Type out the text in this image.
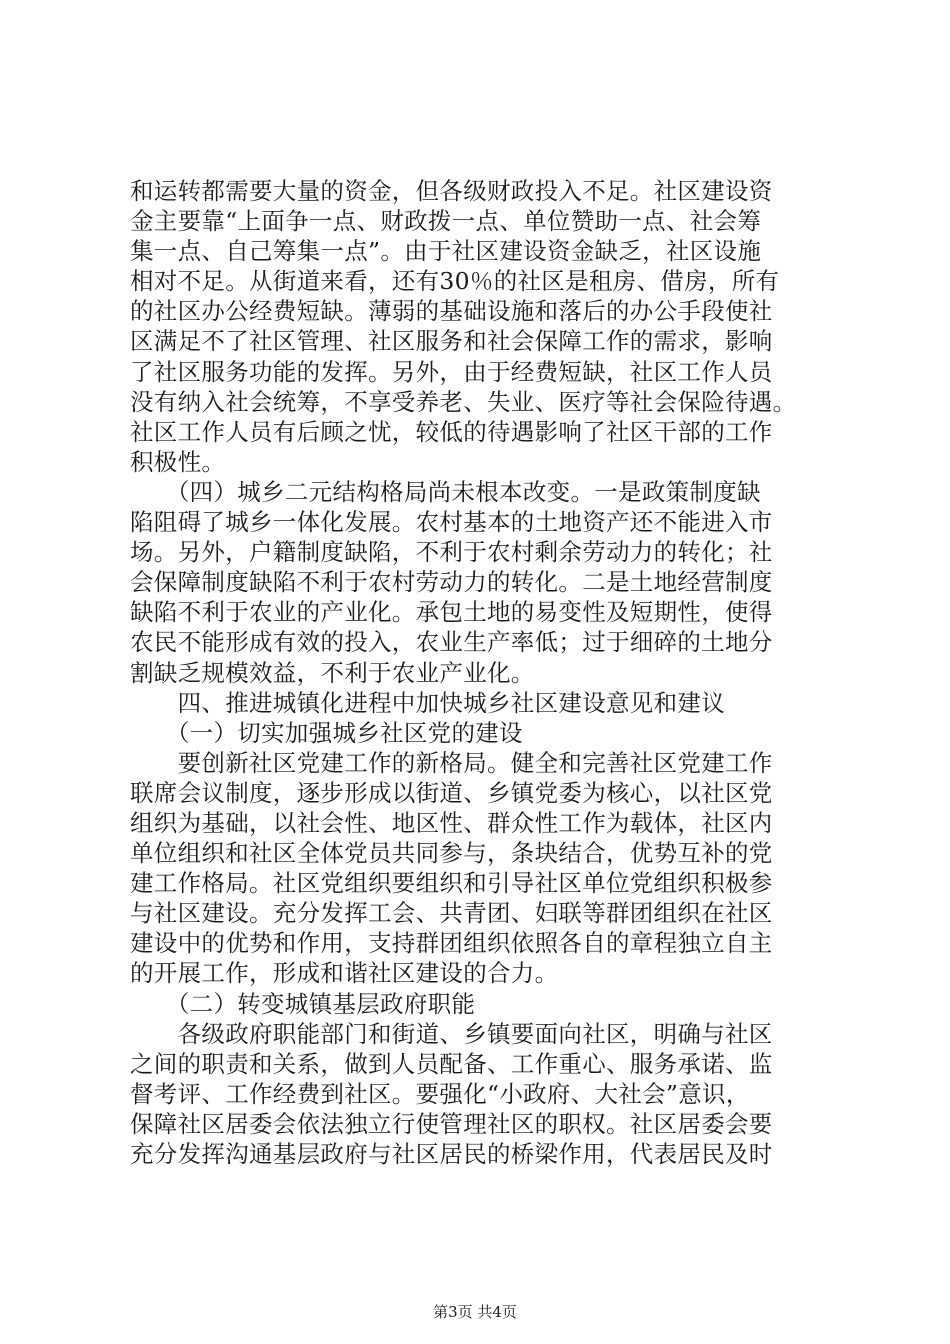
和运转都需要大量的资金，但各级财政投入不足。社区建设资
金主要靠“上面争一点、财政拨一点、单位赞助一点、社会筹
集一点、自己筹集一点”。由于社区建设资金缺乏，社区设施
相对不足。从街道来看，还有30％的社区是租房、借房，所有
的社区办公经费短缺。薄弱的基础设施和落后的办公手段使社
区满足不了社区管理、社区服务和社会保障工作的需求，影响
了社区服务功能的发挥。另外，由于经费短缺，社区工作人员
没有纳入社会统筹，不享受养老、失业、医疗等社会保险待遇。
社区工作人员有后顾之忧，较低的待遇影响了社区干部的工作
积极性。
　　（四）城乡二元结构格局尚未根本改变。一是政策制度缺
陷阻碍了城乡一体化发展。农村基本的土地资产还不能进入市
场。另外，户籍制度缺陷，不利于农村剩余劳动力的转化；社
会保障制度缺陷不利于农村劳动力的转化。二是土地经营制度
缺陷不利于农业的产业化。承包土地的易变性及短期性，使得
农民不能形成有效的投入，农业生产率低；过于细碎的土地分
割缺乏规模效益，不利于农业产业化。
　　四、推进城镇化进程中加快城乡社区建设意见和建议
　　（一）切实加强城乡社区党的建设
　　要创新社区党建工作的新格局。健全和完善社区党建工作
联席会议制度，逐步形成以街道、乡镇党委为核心，以社区党
组织为基础，以社会性、地区性、群众性工作为载体，社区内
单位组织和社区全体党员共同参与，条块结合，优势互补的党
建工作格局。社区党组织要组织和引导社区单位党组织积极参
与社区建设。充分发挥工会、共青团、妇联等群团组织在社区
建设中的优势和作用，支持群团组织依照各自的章程独立自主
的开展工作，形成和谐社区建设的合力。
　　（二）转变城镇基层政府职能
　　各级政府职能部门和街道、乡镇要面向社区，明确与社区
之间的职责和关系，做到人员配备、工作重心、服务承诺、监
督考评、工作经费到社区。要强化“小政府、大社会”意识，
保障社区居委会依法独立行使管理社区的职权。社区居委会要
充分发挥沟通基层政府与社区居民的桥梁作用，代表居民及时
第3页 共4页
